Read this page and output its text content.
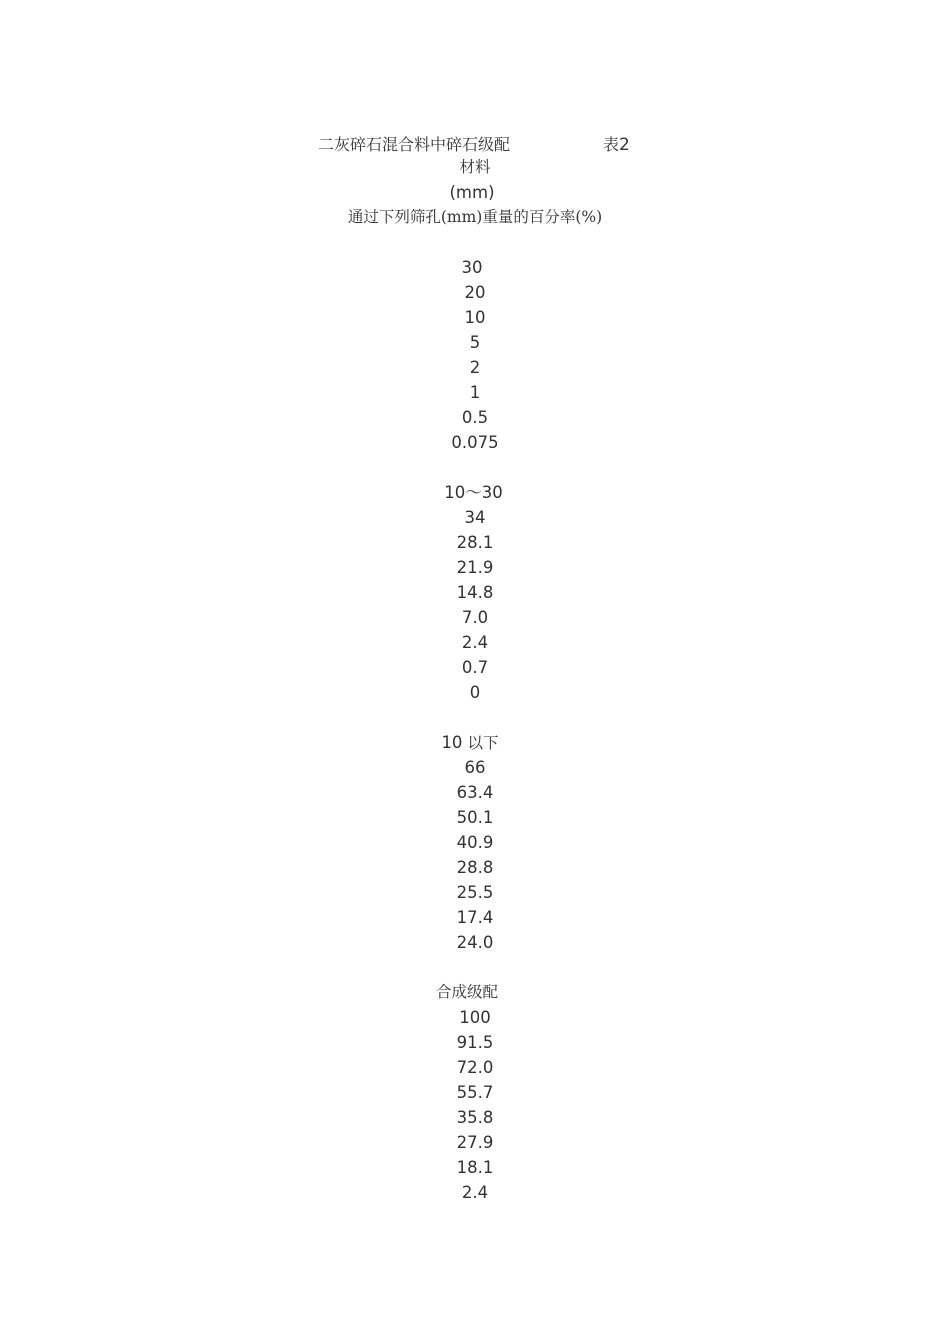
二灰碎石混合料中碎石级配	表2
材料
(mm)
通过下列筛孔(mm)重量的百分率(%)
30
20
10
5
2
1
0.5
0.075
10～30
34
28.1
21.9
14.8
7.0
2.4
0.7
0
10 以下
66
63.4
50.1
40.9
28.8
25.5
17.4
24.0
合成级配
100
91.5
72.0
55.7
35.8
27.9
18.1
2.4
